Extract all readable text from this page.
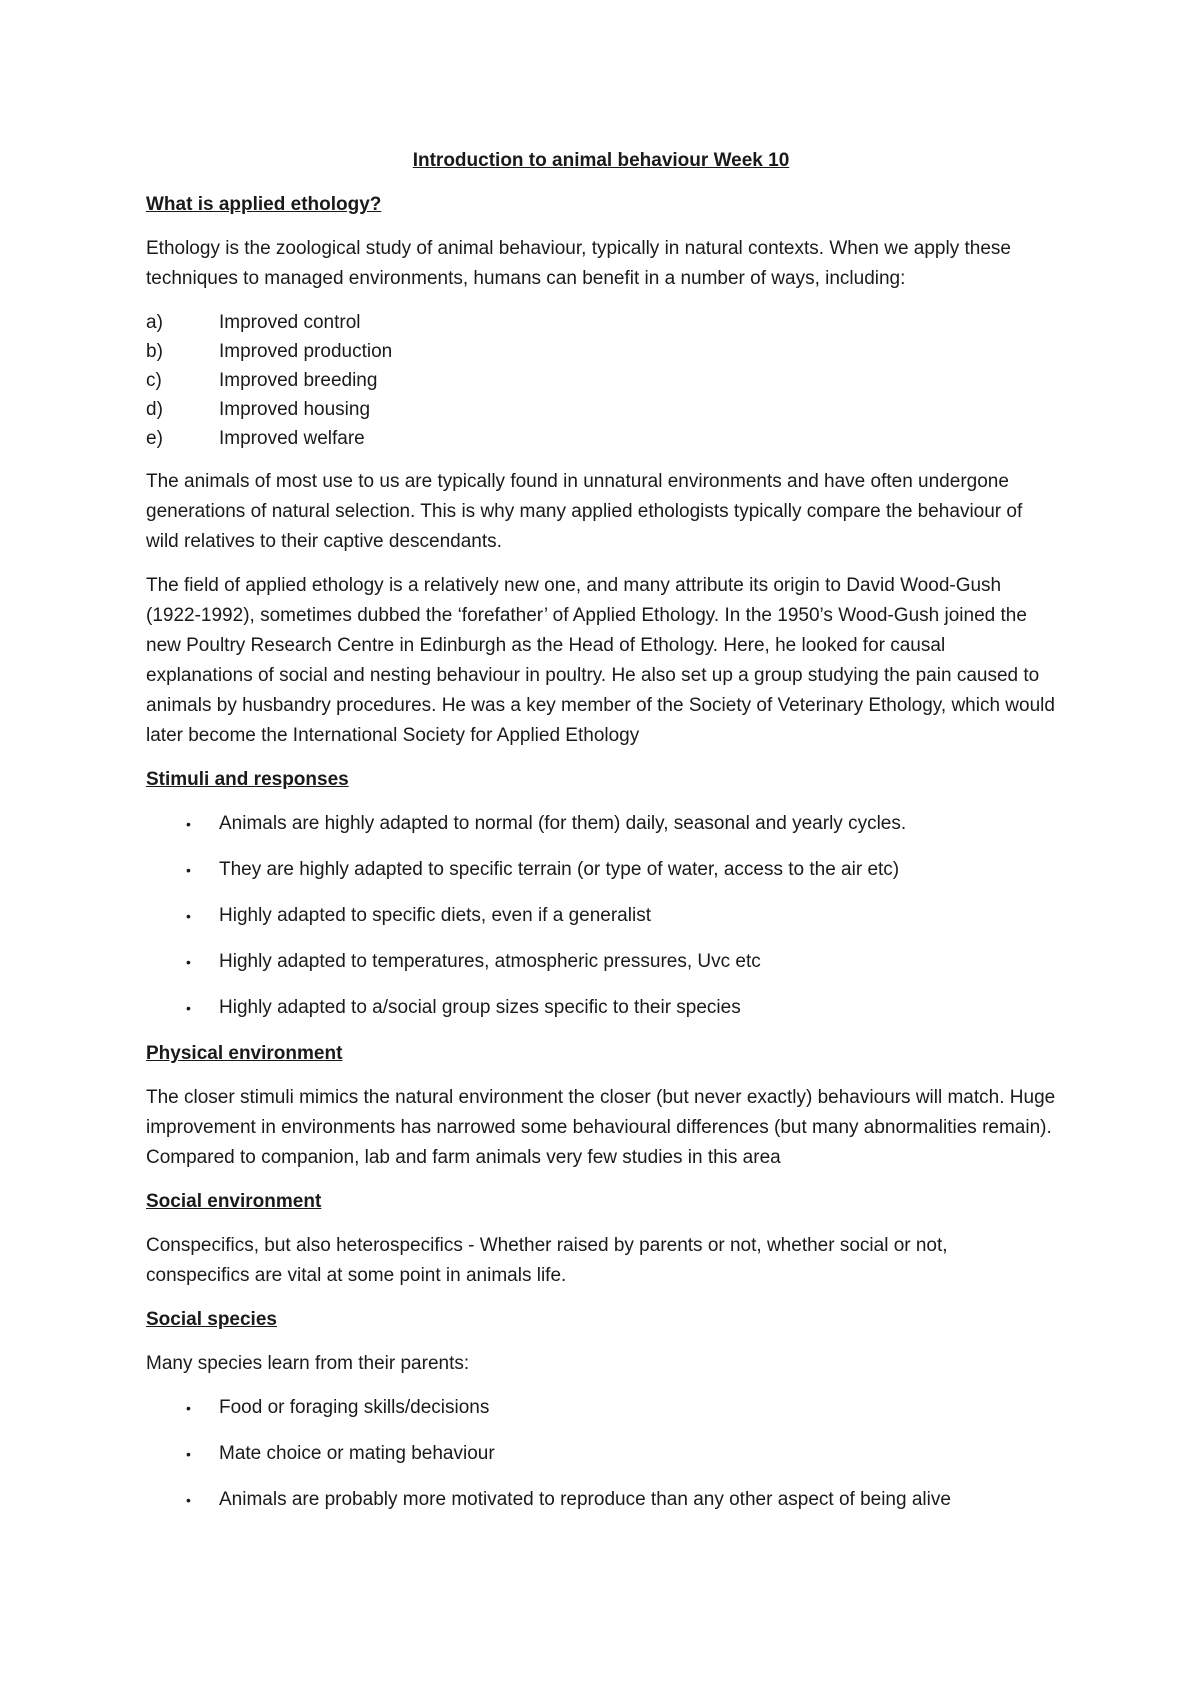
Introduction to animal behaviour Week 10
What is applied ethology?

Ethology is the zoological study of animal behaviour, typically in natural contexts. When we apply these techniques to managed environments, humans can benefit in a number of ways, including:

a)	Improved control
b)	Improved production
c)	Improved breeding
d)	Improved housing
e)	Improved welfare

The animals of most use to us are typically found in unnatural environments and have often undergone generations of natural selection. This is why many applied ethologists typically compare the behaviour of wild relatives to their captive descendants.

The field of applied ethology is a relatively new one, and many attribute its origin to David Wood-Gush (1922-1992), sometimes dubbed the ‘forefather’ of Applied Ethology. In the 1950’s Wood-Gush joined the new Poultry Research Centre in Edinburgh as the Head of Ethology. Here, he looked for causal explanations of social and nesting behaviour in poultry. He also set up a group studying the pain caused to animals by husbandry procedures. He was a key member of the Society of Veterinary Ethology, which would later become the International Society for Applied Ethology

Stimuli and responses
•	Animals are highly adapted to normal (for them) daily, seasonal and yearly cycles.
•	They are highly adapted to specific terrain (or type of water, access to the air etc)
•	Highly adapted to specific diets, even if a generalist
•	Highly adapted to temperatures, atmospheric pressures, Uvc etc
•	Highly adapted to a/social group sizes specific to their species
Physical environment

The closer stimuli mimics the natural environment the closer (but never exactly) behaviours will match. Huge improvement in environments has narrowed some behavioural differences (but many abnormalities remain). Compared to companion, lab and farm animals very few studies in this area

Social environment

Conspecifics, but also heterospecifics - Whether raised by parents or not, whether social or not, conspecifics are vital at some point in animals life.

Social species

Many species learn from their parents:

•	Food or foraging skills/decisions
•	Mate choice or mating behaviour
•	Animals are probably more motivated to reproduce than any other aspect of being alive
